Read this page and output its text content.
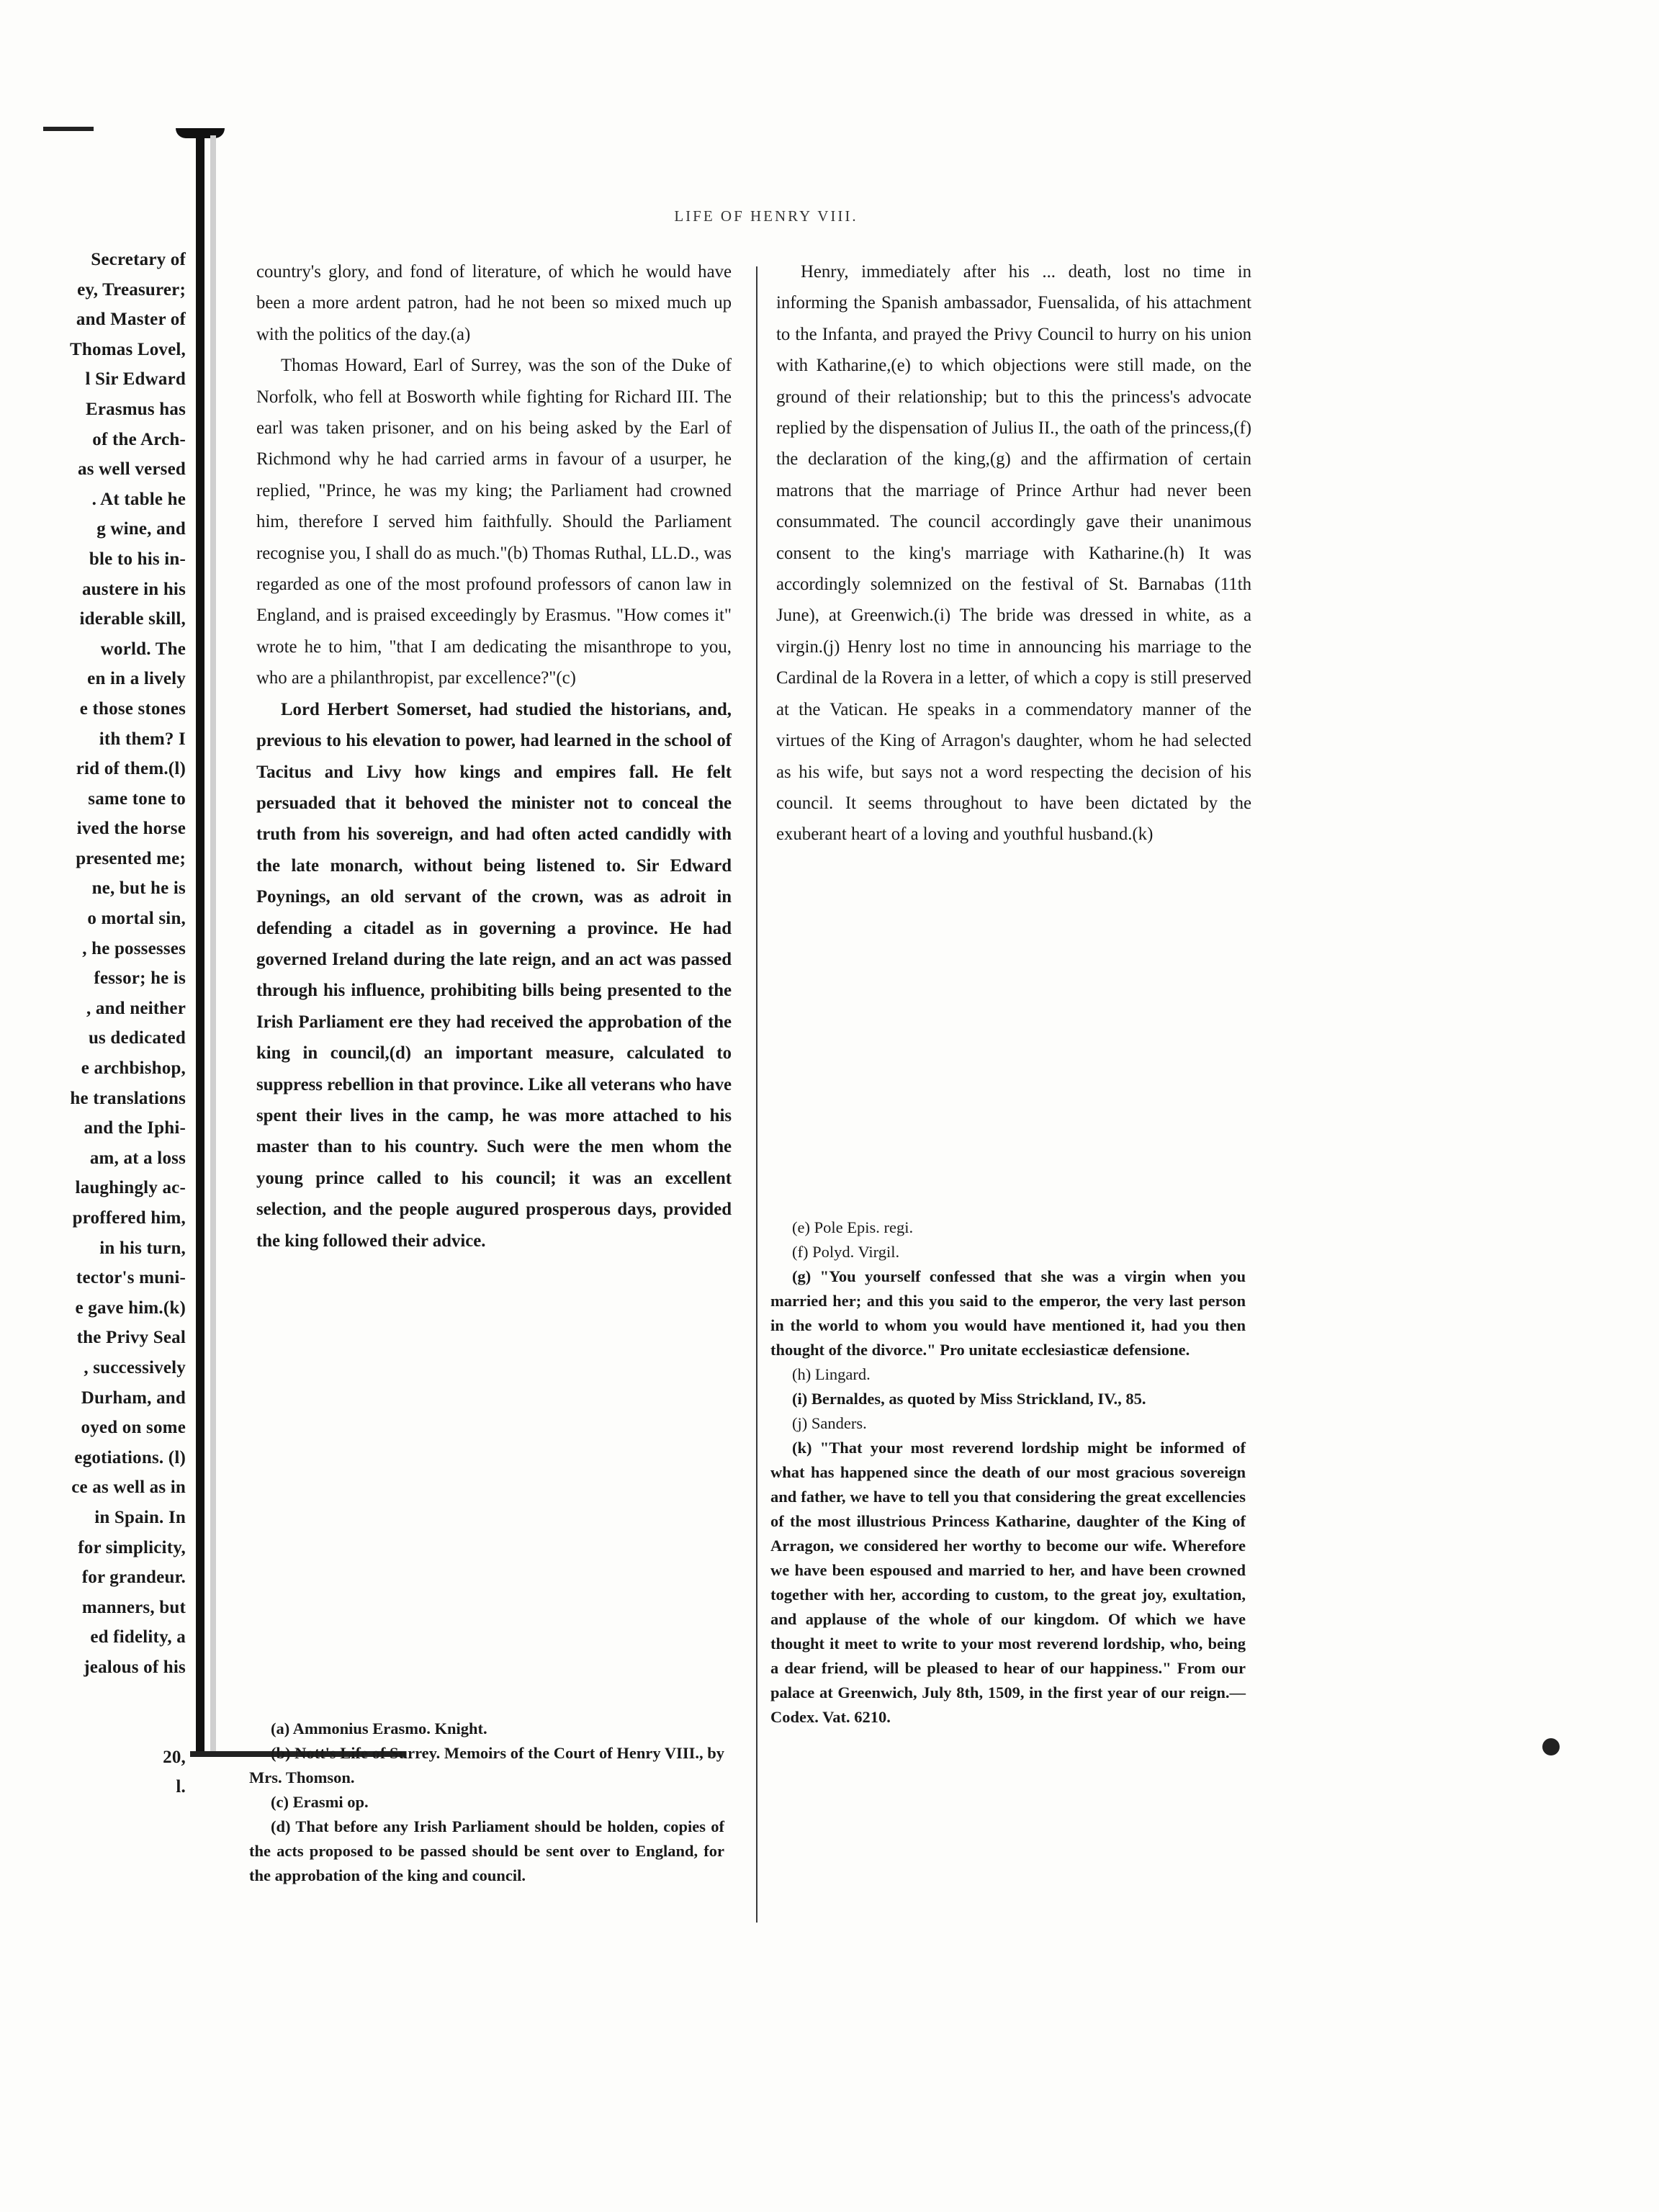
Secretary of
ey, Treasurer;
and Master of
Thomas Lovel,
l Sir Edward
Erasmus has
of the Arch-
as well versed
. At table he
g wine, and
ble to his in-
austere in his
iderable skill,
world. The
en in a lively
e those stones
ith them? I
rid of them.(l)
same tone to
ived the horse
presented me;
ne, but he is
o mortal sin,
, he possesses
fessor; he is
, and neither
us dedicated
e archbishop,
he translations
and the Iphi-
am, at a loss
laughingly ac-
proffered him,
in his turn,
tector's muni-
e gave him.(k)
the Privy Seal
, successively
Durham, and
oyed on some
egotiations. (l)
ce as well as in
in Spain. In
for simplicity,
for grandeur.
manners, but
ed fidelity, a
jealous of his

20,
l.
LIFE OF HENRY VIII.

country's glory, and fond of literature, of which he would have been a more ardent patron, had he not been so mixed much up with the politics of the day.(a)

Thomas Howard, Earl of Surrey, was the son of the Duke of Norfolk, who fell at Bosworth while fighting for Richard III. The earl was taken prisoner, and on his being asked by the Earl of Richmond why he had carried arms in favour of a usurper, he replied, "Prince, he was my king; the Parliament had crowned him, therefore I served him faithfully. Should the Parliament recognise you, I shall do as much."(b) Thomas Ruthal, LL.D., was regarded as one of the most profound professors of canon law in England, and is praised exceedingly by Erasmus. "How comes it" wrote he to him, "that I am dedicating the misanthrope to you, who are a philanthropist, par excellence?"(c)

Lord Herbert Somerset, had studied the historians, and, previous to his elevation to power, had learned in the school of Tacitus and Livy how kings and empires fall. He felt persuaded that it behoved the minister not to conceal the truth from his sovereign, and had often acted candidly with the late monarch, without being listened to. Sir Edward Poynings, an old servant of the crown, was as adroit in defending a citadel as in governing a province. He had governed Ireland during the late reign, and an act was passed through his influence, prohibiting bills being presented to the Irish Parliament ere they had received the approbation of the king in council,(d) an important measure, calculated to suppress rebellion in that province. Like all veterans who have spent their lives in the camp, he was more attached to his master than to his country. Such were the men whom the young prince called to his council; it was an excellent selection, and the people augured prosperous days, provided the king followed their advice.

Henry, immediately after his ... death, lost no time in informing the Spanish ambassador, Fuensalida, of his attachment to the Infanta, and prayed the Privy Council to hurry on his union with Katharine,(e) to which objections were still made, on the ground of their relationship; but to this the princess's advocate replied by the dispensation of Julius II., the oath of the princess,(f) the declaration of the king,(g) and the affirmation of certain matrons that the marriage of Prince Arthur had never been consummated. The council accordingly gave their unanimous consent to the king's marriage with Katharine.(h) It was accordingly solemnized on the festival of St. Barnabas (11th June), at Greenwich.(i) The bride was dressed in white, as a virgin.(j) Henry lost no time in announcing his marriage to the Cardinal de la Rovera in a letter, of which a copy is still preserved at the Vatican. He speaks in a commendatory manner of the virtues of the King of Arragon's daughter, whom he had selected as his wife, but says not a word respecting the decision of his council. It seems throughout to have been dictated by the exuberant heart of a loving and youthful husband.(k)

(a) Ammonius Erasmo. Knight.

(b) Nott's Life of Surrey. Memoirs of the Court of Henry VIII., by Mrs. Thomson.

(c) Erasmi op.

(d) That before any Irish Parliament should be holden, copies of the acts proposed to be passed should be sent over to England, for the approbation of the king and council.

(e) Pole Epis. regi.

(f) Polyd. Virgil.

(g) "You yourself confessed that she was a virgin when you married her; and this you said to the emperor, the very last person in the world to whom you would have mentioned it, had you then thought of the divorce." Pro unitate ecclesiasticæ defensione.

(h) Lingard.

(i) Bernaldes, as quoted by Miss Strickland, IV., 85.

(j) Sanders.

(k) "That your most reverend lordship might be informed of what has happened since the death of our most gracious sovereign and father, we have to tell you that considering the great excellencies of the most illustrious Princess Katharine, daughter of the King of Arragon, we considered her worthy to become our wife. Wherefore we have been espoused and married to her, and have been crowned together with her, according to custom, to the great joy, exultation, and applause of the whole of our kingdom. Of which we have thought it meet to write to your most reverend lordship, who, being a dear friend, will be pleased to hear of our happiness." From our palace at Greenwich, July 8th, 1509, in the first year of our reign.—Codex. Vat. 6210.
